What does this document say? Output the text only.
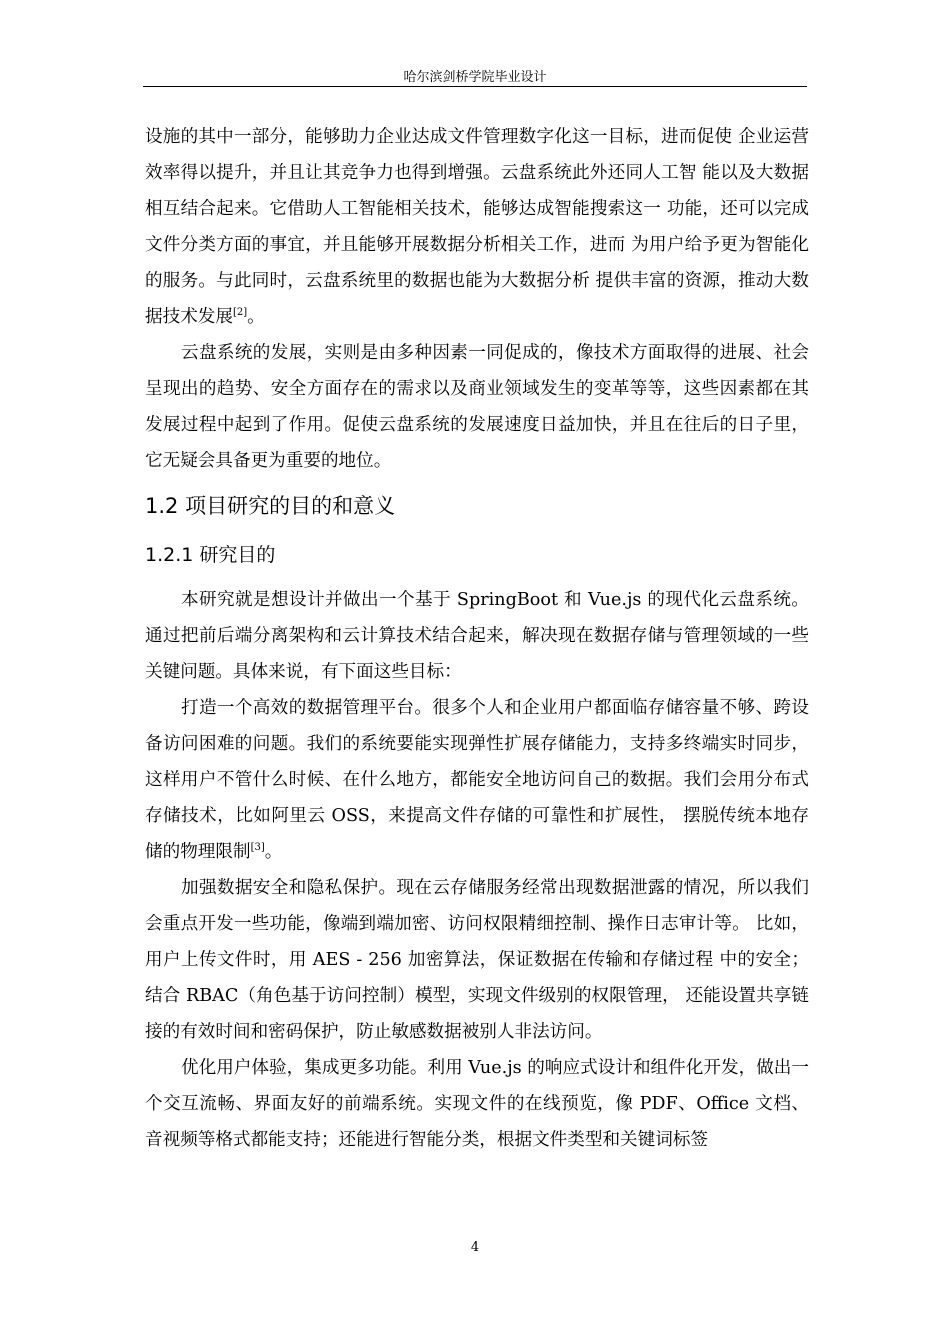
哈尔滨剑桥学院毕业设计

设施的其中一部分，能够助力企业达成文件管理数字化这一目标，进而促使 企业运营效率得以提升，并且让其竞争力也得到增强。云盘系统此外还同人工智 能以及大数据相互结合起来。它借助人工智能相关技术，能够达成智能搜索这一 功能，还可以完成文件分类方面的事宜，并且能够开展数据分析相关工作，进而 为用户给予更为智能化的服务。与此同时，云盘系统里的数据也能为大数据分析 提供丰富的资源，推动大数据技术发展[2]。

云盘系统的发展，实则是由多种因素一同促成的，像技术方面取得的进展、社会呈现出的趋势、安全方面存在的需求以及商业领域发生的变革等等，这些因素都在其发展过程中起到了作用。促使云盘系统的发展速度日益加快，并且在往后的日子里，它无疑会具备更为重要的地位。

1.2 项目研究的目的和意义
1.2.1 研究目的

本研究就是想设计并做出一个基于 SpringBoot 和 Vue.js 的现代化云盘系统。通过把前后端分离架构和云计算技术结合起来，解决现在数据存储与管理领域的一些关键问题。具体来说，有下面这些目标：

打造一个高效的数据管理平台。很多个人和企业用户都面临存储容量不够、跨设备访问困难的问题。我们的系统要能实现弹性扩展存储能力，支持多终端实时同步，这样用户不管什么时候、在什么地方，都能安全地访问自己的数据。我们会用分布式存储技术，比如阿里云 OSS，来提高文件存储的可靠性和扩展性， 摆脱传统本地存储的物理限制[3]。

加强数据安全和隐私保护。现在云存储服务经常出现数据泄露的情况，所以我们会重点开发一些功能，像端到端加密、访问权限精细控制、操作日志审计等。 比如，用户上传文件时，用 AES - 256 加密算法，保证数据在传输和存储过程 中的安全；结合 RBAC（角色基于访问控制）模型，实现文件级别的权限管理， 还能设置共享链接的有效时间和密码保护，防止敏感数据被别人非法访问。

优化用户体验，集成更多功能。利用 Vue.js 的响应式设计和组件化开发，做出一个交互流畅、界面友好的前端系统。实现文件的在线预览，像 PDF、Office 文档、音视频等格式都能支持；还能进行智能分类，根据文件类型和关键词标签

4
